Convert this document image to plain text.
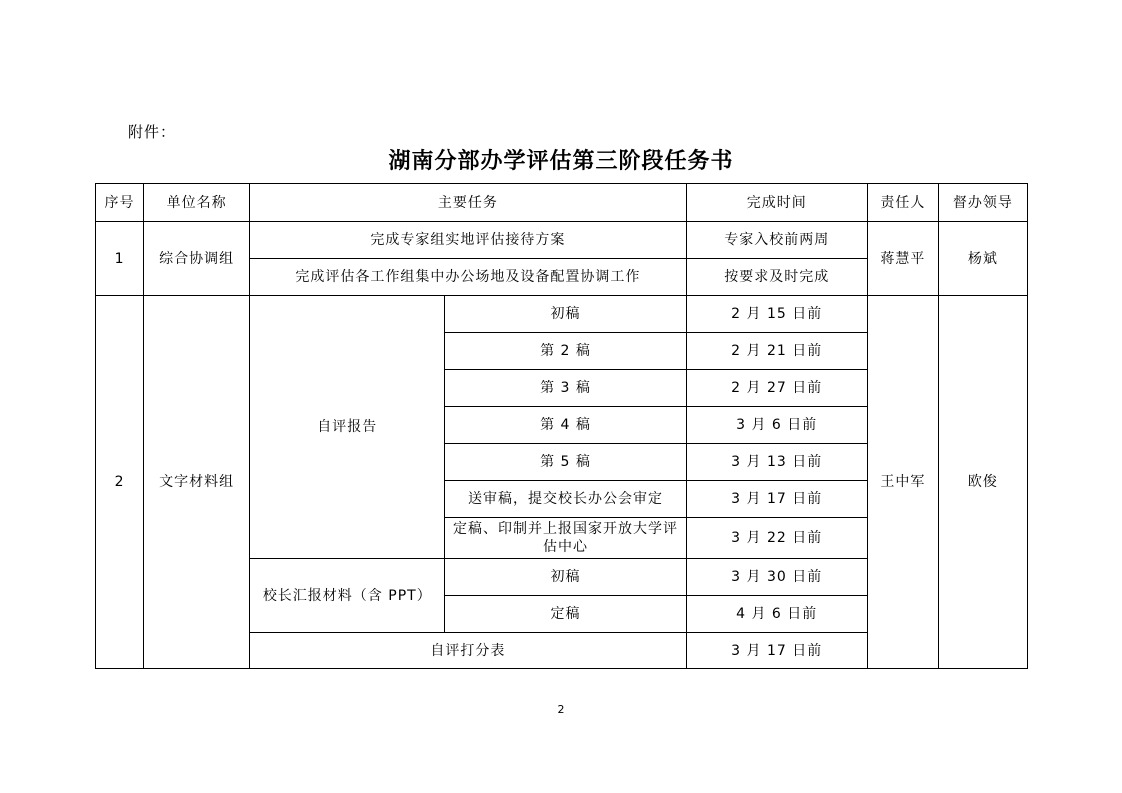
附件：
湖南分部办学评估第三阶段任务书
序号	单位名称	主要任务		完成时间	责任人	督办领导
1	综合协调组	完成专家组实地评估接待方案		专家入校前两周	蒋慧平	杨斌
		完成评估各工作组集中办公场地及设备配置协调工作		按要求及时完成		
2	文字材料组	自评报告	初稿	2 月 15 日前	王中军	欧俊
			第 2 稿	2 月 21 日前		
			第 3 稿	2 月 27 日前		
			第 4 稿	3 月 6 日前		
			第 5 稿	3 月 13 日前		
			送审稿，提交校长办公会审定	3 月 17 日前		
			定稿、印制并上报国家开放大学评估中心	3 月 22 日前		
		校长汇报材料（含 PPT）	初稿	3 月 30 日前		
			定稿	4 月 6 日前		
		自评打分表		3 月 17 日前		
2
